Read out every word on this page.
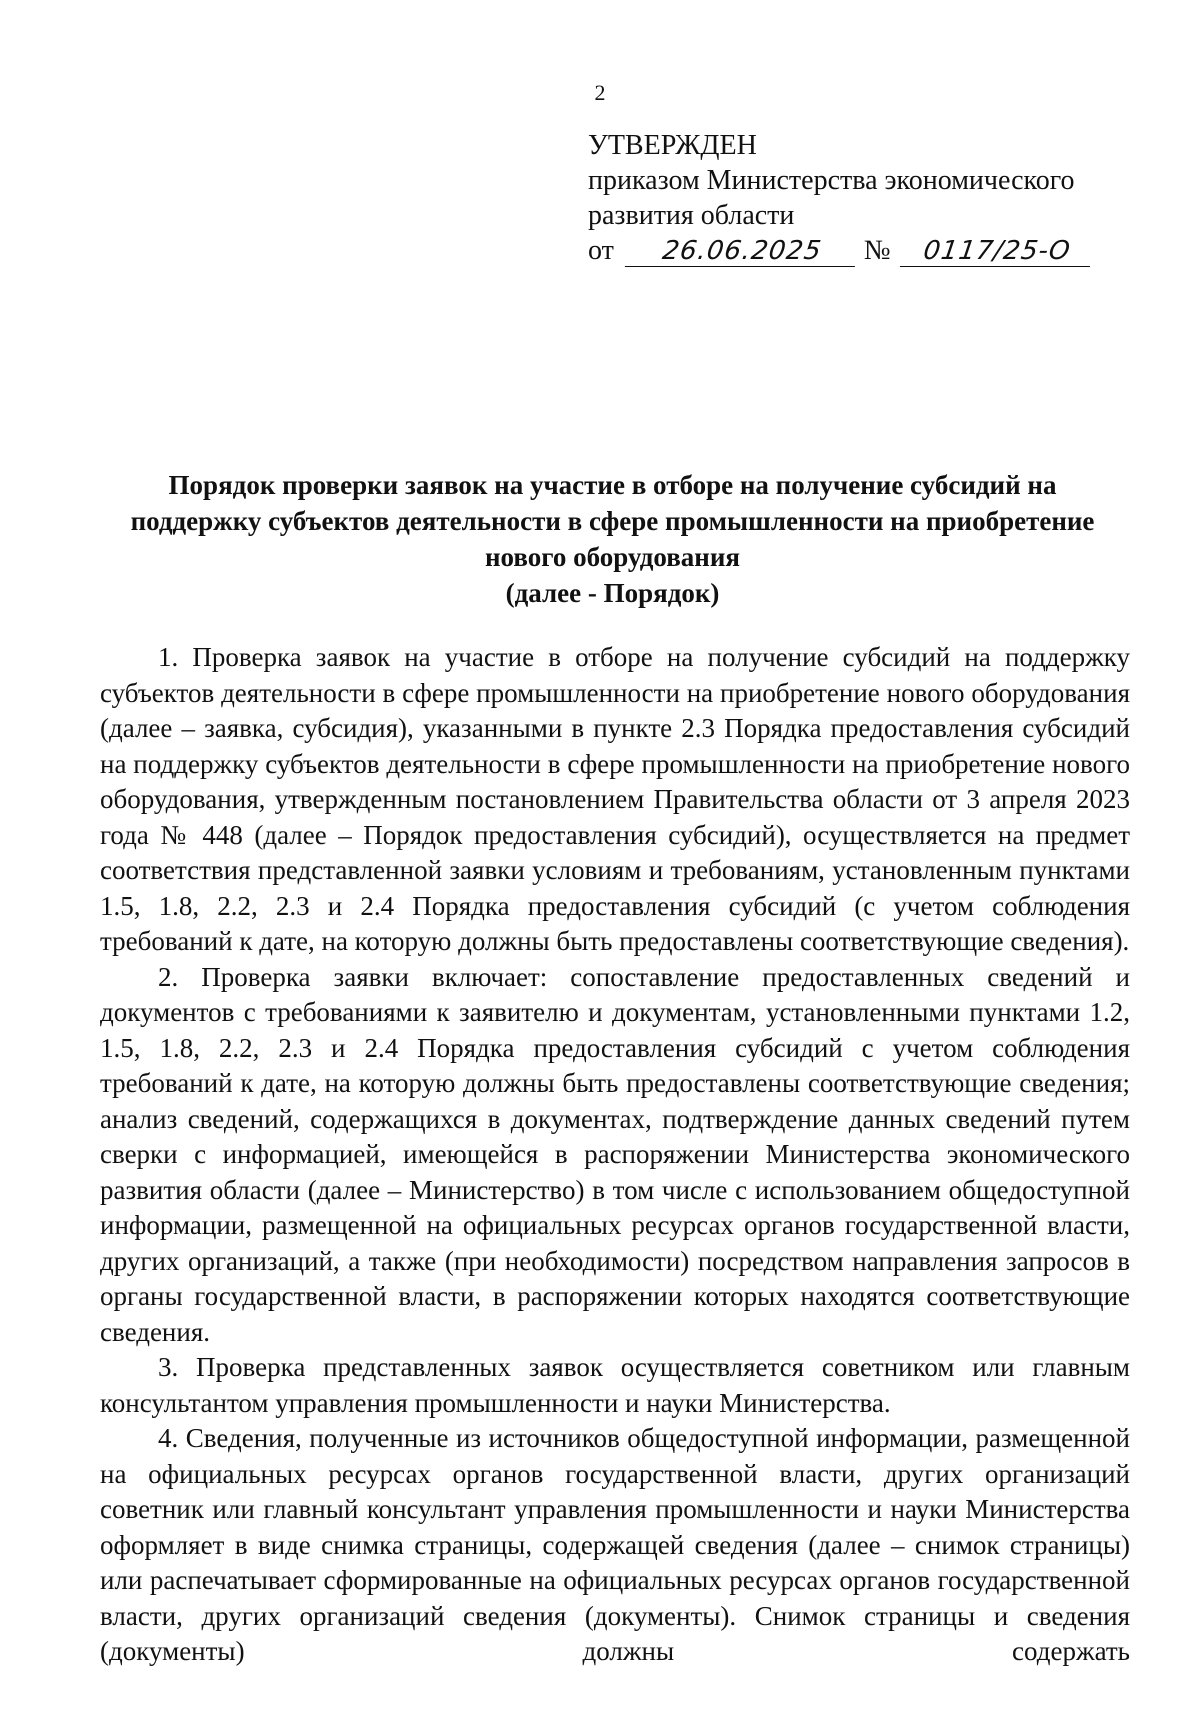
2
УТВЕРЖДЕН
приказом Министерства экономического
развития области
от 26.06.2025 № 0117/25-О
Порядок проверки заявок на участие в отборе на получение субсидий на
поддержку субъектов деятельности в сфере промышленности на приобретение
нового оборудования
(далее - Порядок)

1. Проверка заявок на участие в отборе на получение субсидий на поддержку субъектов деятельности в сфере промышленности на приобретение нового оборудования (далее – заявка, субсидия), указанными в пункте 2.3 Порядка предоставления субсидий на поддержку субъектов деятельности в сфере промышленности на приобретение нового оборудования, утвержденным постановлением Правительства области от 3 апреля 2023 года № 448 (далее – Порядок предоставления субсидий), осуществляется на предмет соответствия представленной заявки условиям и требованиям, установленным пунктами 1.5, 1.8, 2.2, 2.3 и 2.4 Порядка предоставления субсидий (с учетом соблюдения требований к дате, на которую должны быть предоставлены соответствующие сведения).

2. Проверка заявки включает: сопоставление предоставленных сведений и документов с требованиями к заявителю и документам, установленными пунктами 1.2, 1.5, 1.8, 2.2, 2.3 и 2.4 Порядка предоставления субсидий с учетом соблюдения требований к дате, на которую должны быть предоставлены соответствующие сведения; анализ сведений, содержащихся в документах, подтверждение данных сведений путем сверки с информацией, имеющейся в распоряжении Министерства экономического развития области (далее – Министерство) в том числе с использованием общедоступной информации, размещенной на официальных ресурсах органов государственной власти, других организаций, а также (при необходимости) посредством направления запросов в органы государственной власти, в распоряжении которых находятся соответствующие сведения.

3. Проверка представленных заявок осуществляется советником или главным консультантом управления промышленности и науки Министерства.

4. Сведения, полученные из источников общедоступной информации, размещенной на официальных ресурсах органов государственной власти, других организаций советник или главный консультант управления промышленности и науки Министерства оформляет в виде снимка страницы, содержащей сведения (далее – снимок страницы) или распечатывает сформированные на официальных ресурсах органов государственной власти, других организаций сведения (документы). Снимок страницы и сведения (документы) должны содержать
